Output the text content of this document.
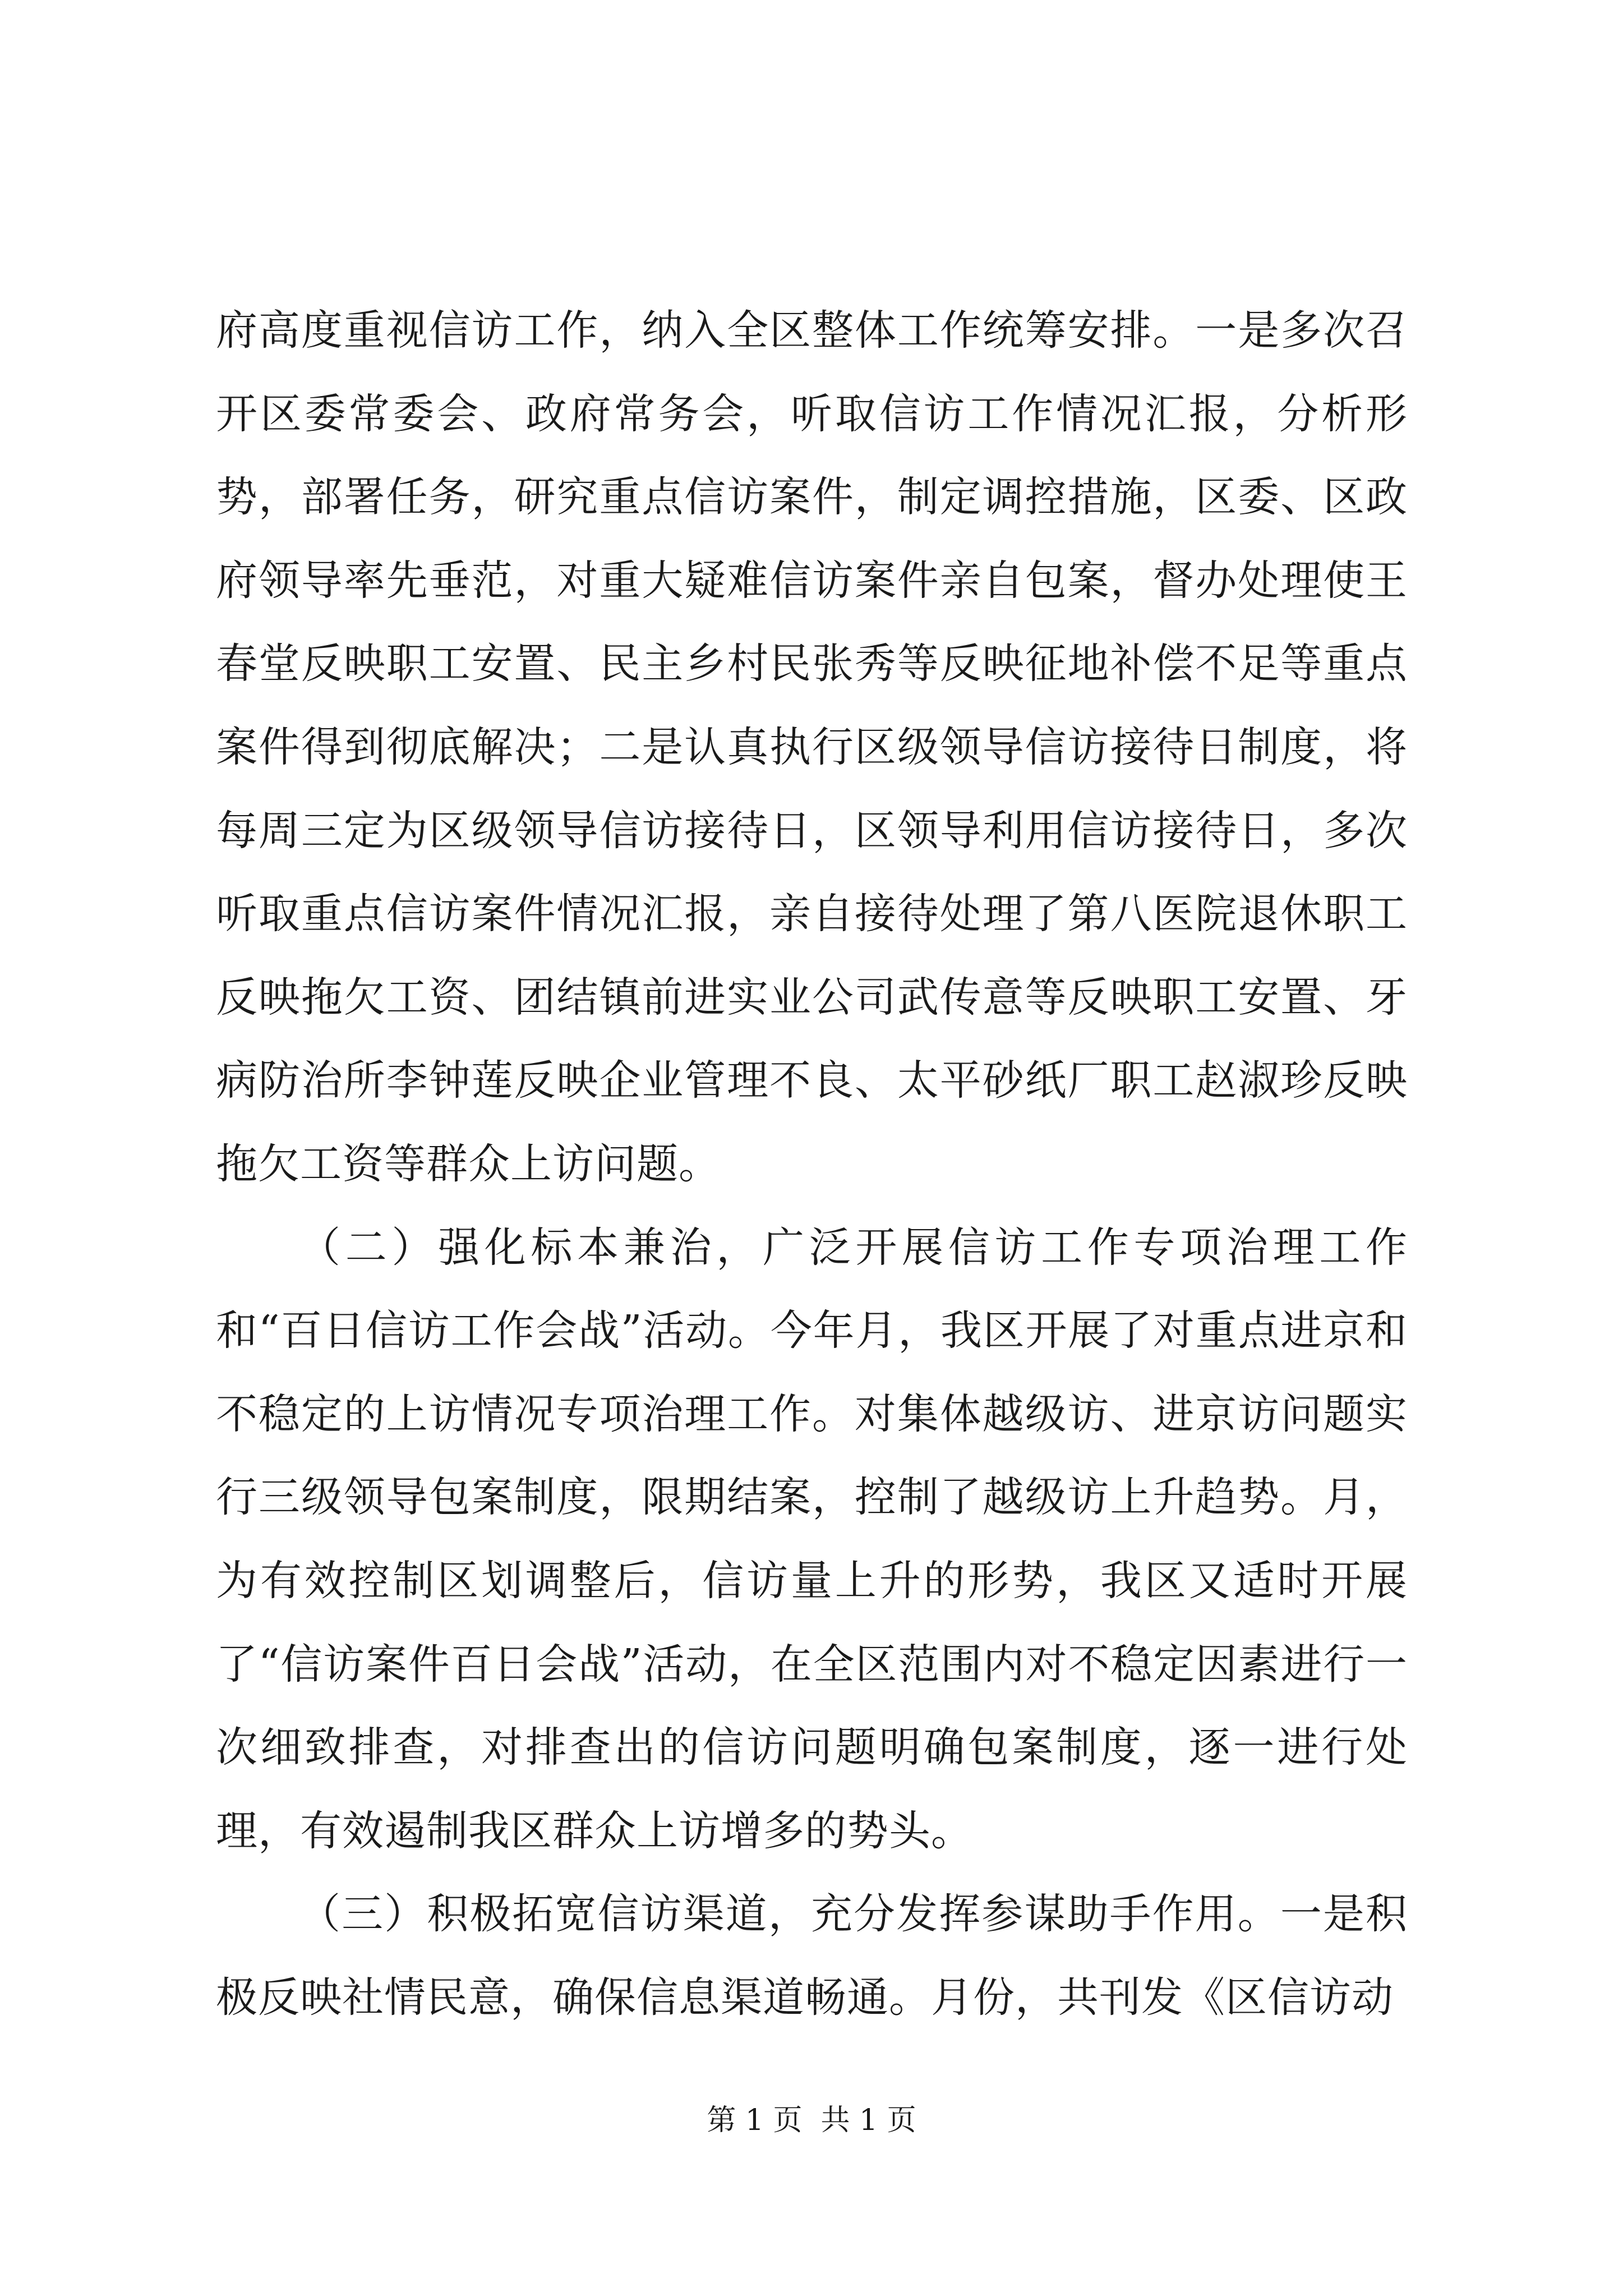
府高度重视信访工作，纳入全区整体工作统筹安排。一是多次召开区委常委会、政府常务会，听取信访工作情况汇报，分析形势，部署任务，研究重点信访案件，制定调控措施，区委、区政府领导率先垂范，对重大疑难信访案件亲自包案，督办处理使王春堂反映职工安置、民主乡村民张秀等反映征地补偿不足等重点案件得到彻底解决；二是认真执行区级领导信访接待日制度，将每周三定为区级领导信访接待日，区领导利用信访接待日，多次听取重点信访案件情况汇报，亲自接待处理了第八医院退休职工反映拖欠工资、团结镇前进实业公司武传意等反映职工安置、牙病防治所李钟莲反映企业管理不良、太平砂纸厂职工赵淑珍反映拖欠工资等群众上访问题。

（二）强化标本兼治，广泛开展信访工作专项治理工作和“百日信访工作会战”活动。今年月，我区开展了对重点进京和不稳定的上访情况专项治理工作。对集体越级访、进京访问题实行三级领导包案制度，限期结案，控制了越级访上升趋势。月，为有效控制区划调整后，信访量上升的形势，我区又适时开展了“信访案件百日会战”活动，在全区范围内对不稳定因素进行一次细致排查，对排查出的信访问题明确包案制度，逐一进行处理，有效遏制我区群众上访增多的势头。

（三）积极拓宽信访渠道，充分发挥参谋助手作用。一是积极反映社情民意，确保信息渠道畅通。月份，共刊发《区信访动

第 1 页  共 1 页
